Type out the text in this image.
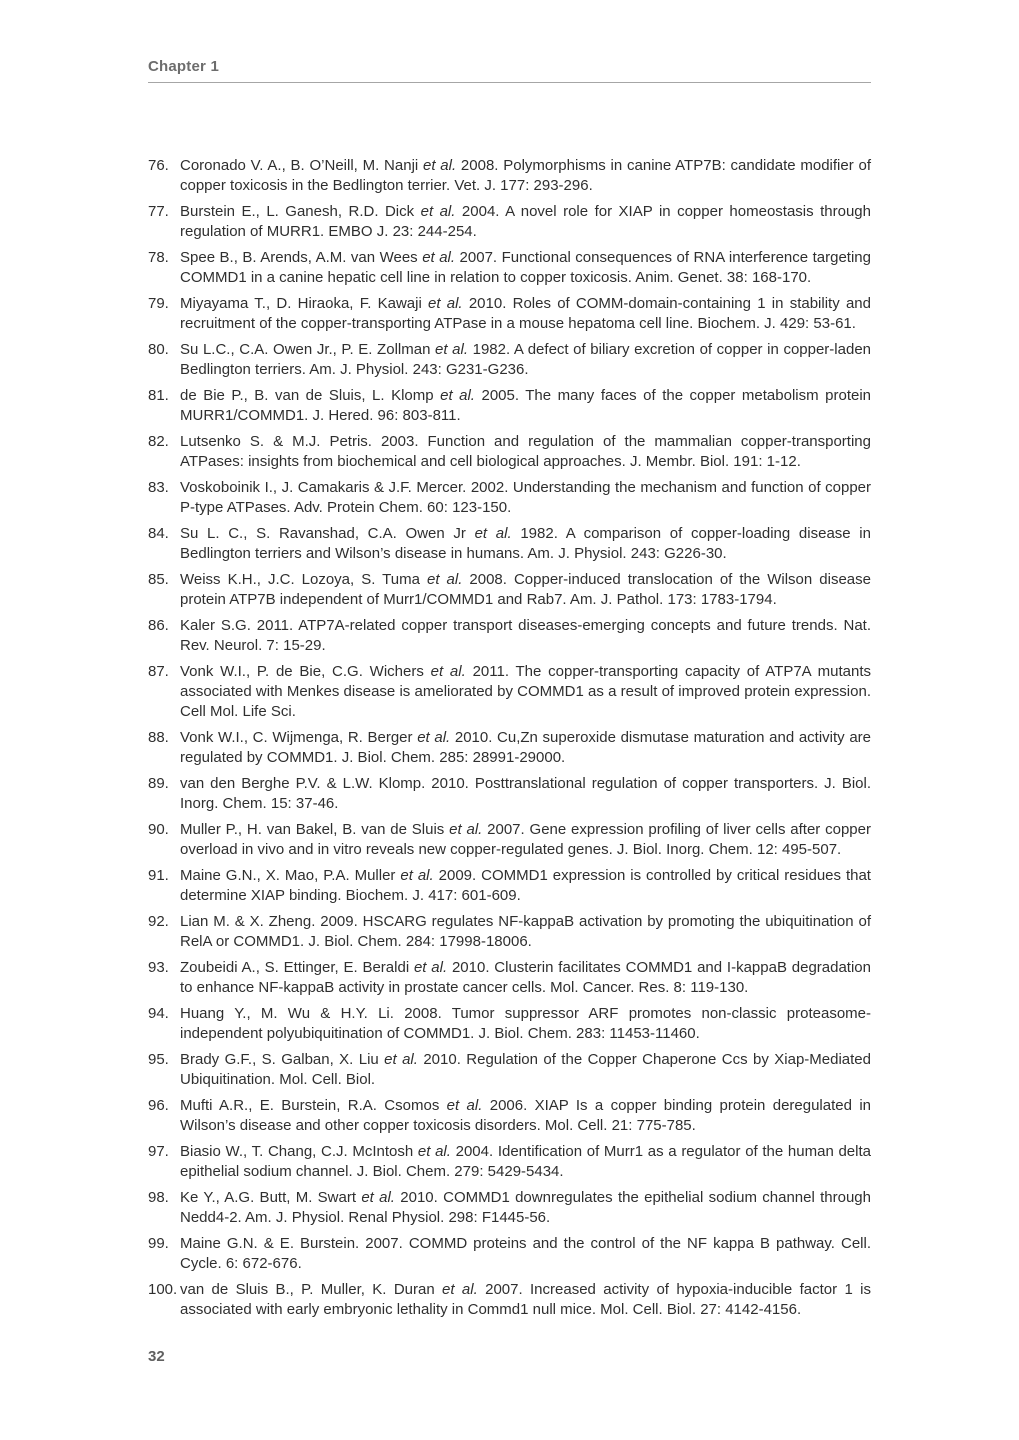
Chapter 1
76. Coronado V. A., B. O’Neill, M. Nanji et al. 2008. Polymorphisms in canine ATP7B: candidate modifier of copper toxicosis in the Bedlington terrier. Vet. J. 177: 293-296.
77. Burstein E., L. Ganesh, R.D. Dick et al. 2004. A novel role for XIAP in copper homeostasis through regulation of MURR1. EMBO J. 23: 244-254.
78. Spee B., B. Arends, A.M. van Wees et al. 2007. Functional consequences of RNA interference targeting COMMD1 in a canine hepatic cell line in relation to copper toxicosis. Anim. Genet. 38: 168-170.
79. Miyayama T., D. Hiraoka, F. Kawaji et al. 2010. Roles of COMM-domain-containing 1 in stability and recruitment of the copper-transporting ATPase in a mouse hepatoma cell line. Biochem. J. 429: 53-61.
80. Su L.C., C.A. Owen Jr., P. E. Zollman et al. 1982. A defect of biliary excretion of copper in copper-laden Bedlington terriers. Am. J. Physiol. 243: G231-G236.
81. de Bie P., B. van de Sluis, L. Klomp et al. 2005. The many faces of the copper metabolism protein MURR1/COMMD1. J. Hered. 96: 803-811.
82. Lutsenko S. & M.J. Petris. 2003. Function and regulation of the mammalian copper-transporting ATPases: insights from biochemical and cell biological approaches. J. Membr. Biol. 191: 1-12.
83. Voskoboinik I., J. Camakaris & J.F. Mercer. 2002. Understanding the mechanism and function of copper P-type ATPases. Adv. Protein Chem. 60: 123-150.
84. Su L. C., S. Ravanshad, C.A. Owen Jr et al. 1982. A comparison of copper-loading disease in Bedlington terriers and Wilson’s disease in humans. Am. J. Physiol. 243: G226-30.
85. Weiss K.H., J.C. Lozoya, S. Tuma et al. 2008. Copper-induced translocation of the Wilson disease protein ATP7B independent of Murr1/COMMD1 and Rab7. Am. J. Pathol. 173: 1783-1794.
86. Kaler S.G. 2011. ATP7A-related copper transport diseases-emerging concepts and future trends. Nat. Rev. Neurol. 7: 15-29.
87. Vonk W.I., P. de Bie, C.G. Wichers et al. 2011. The copper-transporting capacity of ATP7A mutants associated with Menkes disease is ameliorated by COMMD1 as a result of improved protein expression. Cell Mol. Life Sci.
88. Vonk W.I., C. Wijmenga, R. Berger et al. 2010. Cu,Zn superoxide dismutase maturation and activity are regulated by COMMD1. J. Biol. Chem. 285: 28991-29000.
89. van den Berghe P.V. & L.W. Klomp. 2010. Posttranslational regulation of copper transporters. J. Biol. Inorg. Chem. 15: 37-46.
90. Muller P., H. van Bakel, B. van de Sluis et al. 2007. Gene expression profiling of liver cells after copper overload in vivo and in vitro reveals new copper-regulated genes. J. Biol. Inorg. Chem. 12: 495-507.
91. Maine G.N., X. Mao, P.A. Muller et al. 2009. COMMD1 expression is controlled by critical residues that determine XIAP binding. Biochem. J. 417: 601-609.
92. Lian M. & X. Zheng. 2009. HSCARG regulates NF-kappaB activation by promoting the ubiquitination of RelA or COMMD1. J. Biol. Chem. 284: 17998-18006.
93. Zoubeidi A., S. Ettinger, E. Beraldi et al. 2010. Clusterin facilitates COMMD1 and I-kappaB degradation to enhance NF-kappaB activity in prostate cancer cells. Mol. Cancer. Res. 8: 119-130.
94. Huang Y., M. Wu & H.Y. Li. 2008. Tumor suppressor ARF promotes non-classic proteasome-independent polyubiquitination of COMMD1. J. Biol. Chem. 283: 11453-11460.
95. Brady G.F., S. Galban, X. Liu et al. 2010. Regulation of the Copper Chaperone Ccs by Xiap-Mediated Ubiquitination. Mol. Cell. Biol.
96. Mufti A.R., E. Burstein, R.A. Csomos et al. 2006. XIAP Is a copper binding protein deregulated in Wilson’s disease and other copper toxicosis disorders. Mol. Cell. 21: 775-785.
97. Biasio W., T. Chang, C.J. McIntosh et al. 2004. Identification of Murr1 as a regulator of the human delta epithelial sodium channel. J. Biol. Chem. 279: 5429-5434.
98. Ke Y., A.G. Butt, M. Swart et al. 2010. COMMD1 downregulates the epithelial sodium channel through Nedd4-2. Am. J. Physiol. Renal Physiol. 298: F1445-56.
99. Maine G.N. & E. Burstein. 2007. COMMD proteins and the control of the NF kappa B pathway. Cell. Cycle. 6: 672-676.
100. van de Sluis B., P. Muller, K. Duran et al. 2007. Increased activity of hypoxia-inducible factor 1 is associated with early embryonic lethality in Commd1 null mice. Mol. Cell. Biol. 27: 4142-4156.
32
